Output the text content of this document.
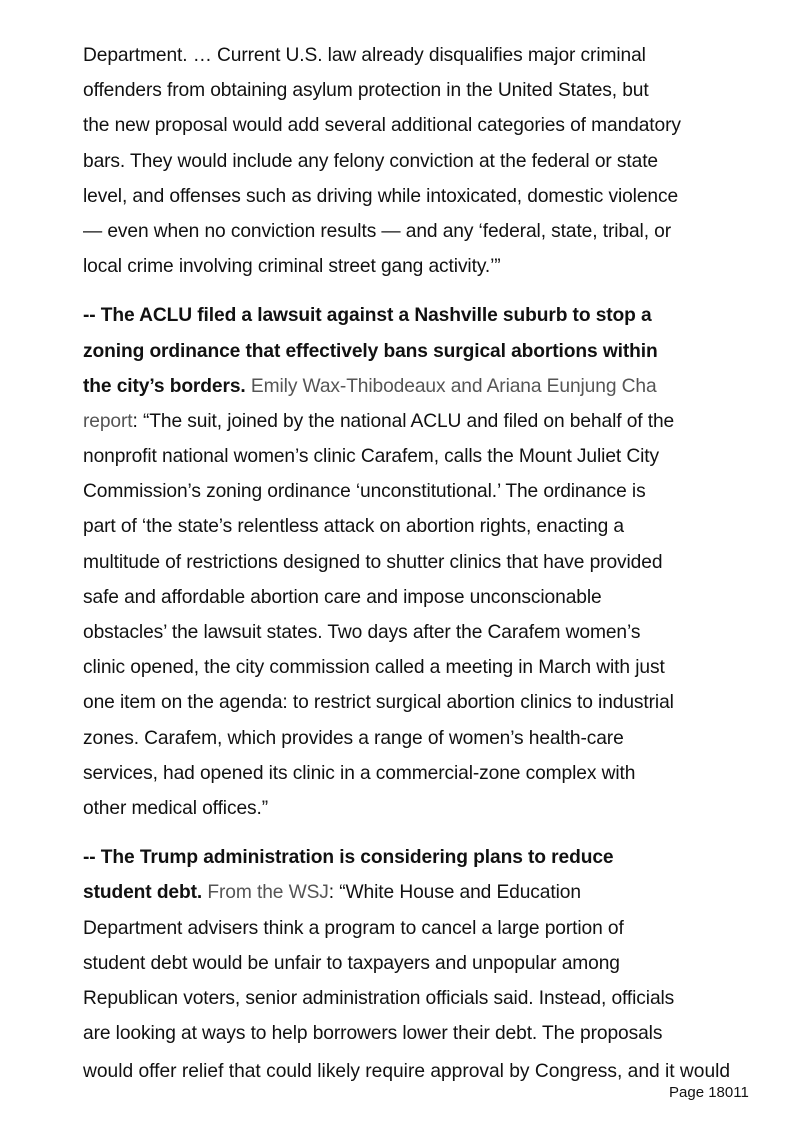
Department. … Current U.S. law already disqualifies major criminal
offenders from obtaining asylum protection in the United States, but
the new proposal would add several additional categories of mandatory
bars. They would include any felony conviction at the federal or state
level, and offenses such as driving while intoxicated, domestic violence
— even when no conviction results — and any ‘federal, state, tribal, or
local crime involving criminal street gang activity.’”

-- The ACLU filed a lawsuit against a Nashville suburb to stop a
zoning ordinance that effectively bans surgical abortions within
the city’s borders. Emily Wax-Thibodeaux and Ariana Eunjung Cha
report: “The suit, joined by the national ACLU and filed on behalf of the
nonprofit national women’s clinic Carafem, calls the Mount Juliet City
Commission’s zoning ordinance ‘unconstitutional.’ The ordinance is
part of ‘the state’s relentless attack on abortion rights, enacting a
multitude of restrictions designed to shutter clinics that have provided
safe and affordable abortion care and impose unconscionable
obstacles’ the lawsuit states. Two days after the Carafem women’s
clinic opened, the city commission called a meeting in March with just
one item on the agenda: to restrict surgical abortion clinics to industrial
zones. Carafem, which provides a range of women’s health-care
services, had opened its clinic in a commercial-zone complex with
other medical offices.”

-- The Trump administration is considering plans to reduce
student debt. From the WSJ: “White House and Education
Department advisers think a program to cancel a large portion of
student debt would be unfair to taxpayers and unpopular among
Republican voters, senior administration officials said. Instead, officials
are looking at ways to help borrowers lower their debt. The proposals

would offer relief that could likely require approval by Congress, and it would
Page 18011
